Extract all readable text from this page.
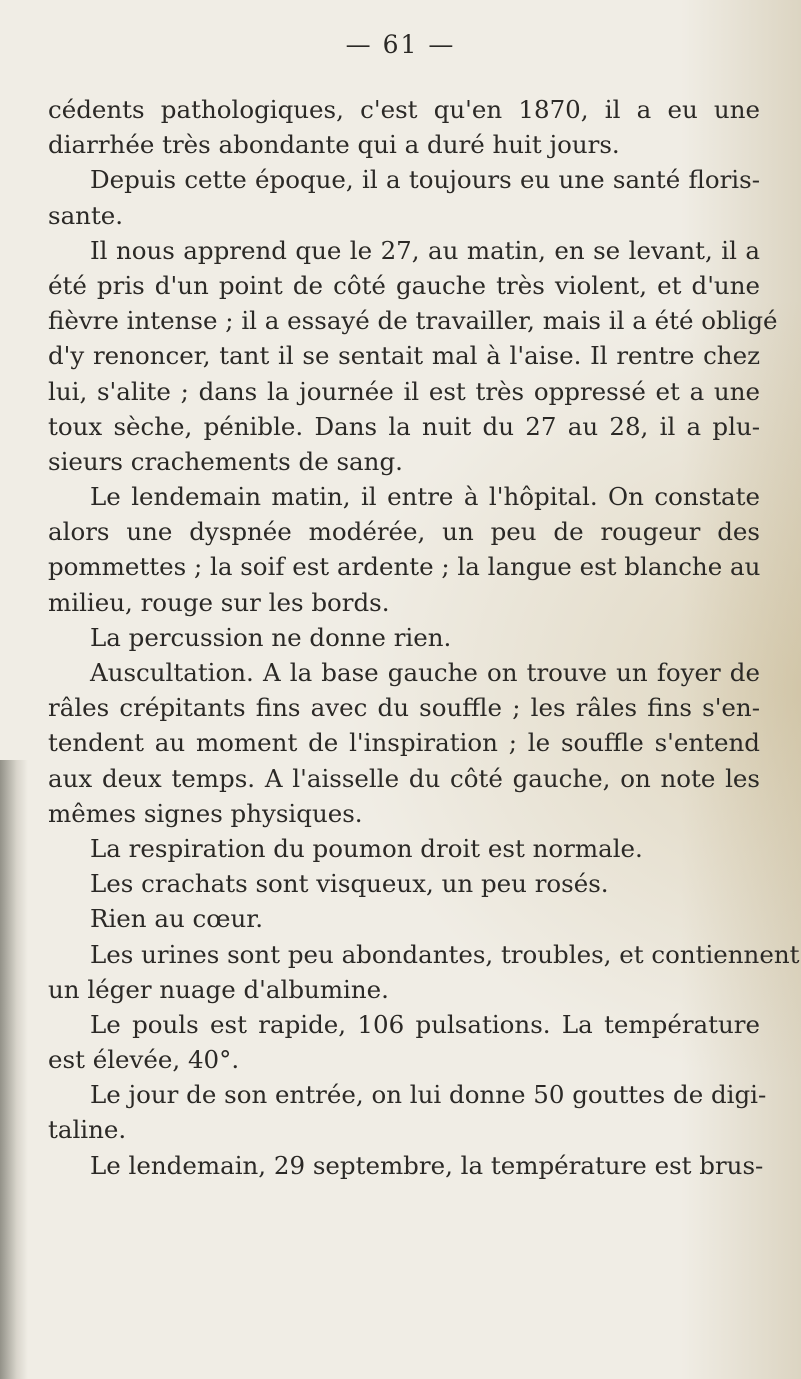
— 61 —
cédents pathologiques, c'est qu'en 1870, il a eu une
diarrhée très abondante qui a duré huit jours.
Depuis cette époque, il a toujours eu une santé floris-
sante.
Il nous apprend que le 27, au matin, en se levant, il a
été pris d'un point de côté gauche très violent, et d'une
fièvre intense ; il a essayé de travailler, mais il a été obligé
d'y renoncer, tant il se sentait mal à l'aise. Il rentre chez
lui, s'alite ; dans la journée il est très oppressé et a une
toux sèche, pénible. Dans la nuit du 27 au 28, il a plu-
sieurs crachements de sang.
Le lendemain matin, il entre à l'hôpital. On constate
alors une dyspnée modérée, un peu de rougeur des
pommettes ; la soif est ardente ; la langue est blanche au
milieu, rouge sur les bords.
La percussion ne donne rien.
Auscultation. A la base gauche on trouve un foyer de
râles crépitants fins avec du souffle ; les râles fins s'en-
tendent au moment de l'inspiration ; le souffle s'entend
aux deux temps. A l'aisselle du côté gauche, on note les
mêmes signes physiques.
La respiration du poumon droit est normale.
Les crachats sont visqueux, un peu rosés.
Rien au cœur.
Les urines sont peu abondantes, troubles, et contiennent
un léger nuage d'albumine.
Le pouls est rapide, 106 pulsations. La température
est élevée, 40°.
Le jour de son entrée, on lui donne 50 gouttes de digi-
taline.
Le lendemain, 29 septembre, la température est brus-
